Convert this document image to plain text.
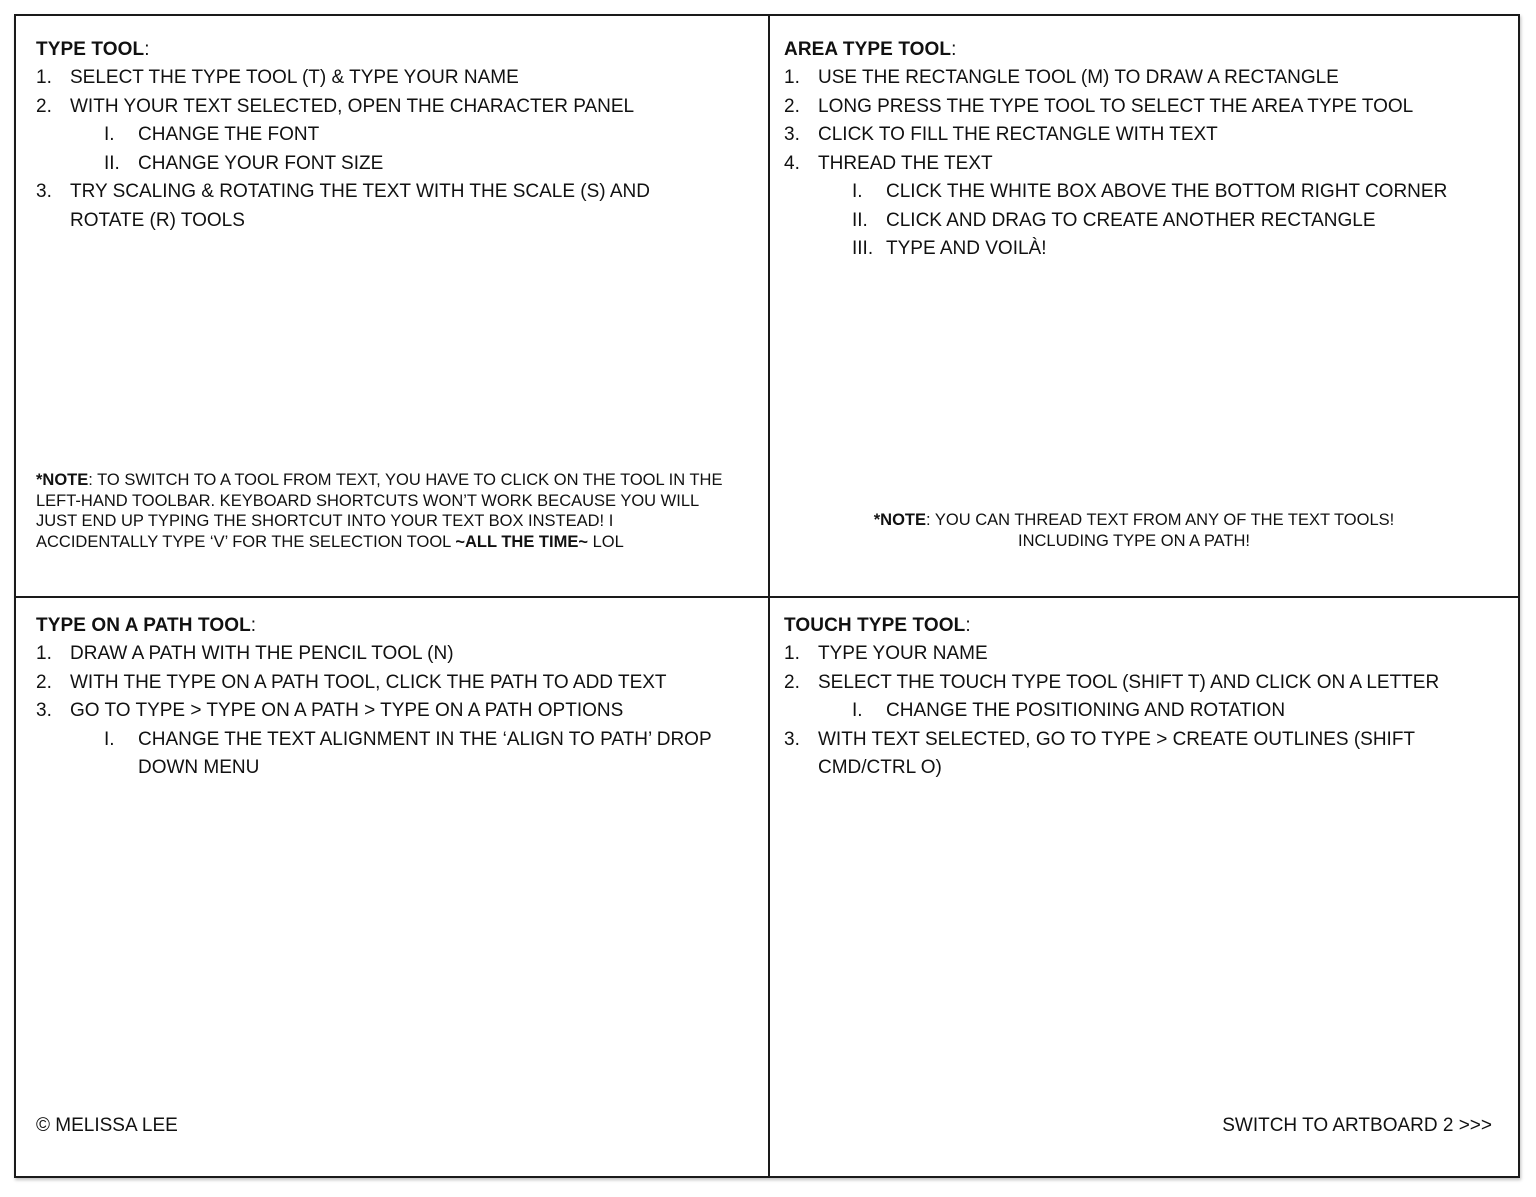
TYPE TOOL:
1. SELECT THE TYPE TOOL (T) & TYPE YOUR NAME
2. WITH YOUR TEXT SELECTED, OPEN THE CHARACTER PANEL
I. CHANGE THE FONT
II. CHANGE YOUR FONT SIZE
3. TRY SCALING & ROTATING THE TEXT WITH THE SCALE (S) AND ROTATE (R) TOOLS
*NOTE: TO SWITCH TO A TOOL FROM TEXT, YOU HAVE TO CLICK ON THE TOOL IN THE LEFT-HAND TOOLBAR. KEYBOARD SHORTCUTS WON’T WORK BECAUSE YOU WILL JUST END UP TYPING THE SHORTCUT INTO YOUR TEXT BOX INSTEAD! I ACCIDENTALLY TYPE ‘V’ FOR THE SELECTION TOOL ~ALL THE TIME~ LOL
AREA TYPE TOOL:
1. USE THE RECTANGLE TOOL (M) TO DRAW A RECTANGLE
2. LONG PRESS THE TYPE TOOL TO SELECT THE AREA TYPE TOOL
3. CLICK TO FILL THE RECTANGLE WITH TEXT
4. THREAD THE TEXT
I. CLICK THE WHITE BOX ABOVE THE BOTTOM RIGHT CORNER
II. CLICK AND DRAG TO CREATE ANOTHER RECTANGLE
III. TYPE AND VOILÀ!
*NOTE: YOU CAN THREAD TEXT FROM ANY OF THE TEXT TOOLS!
INCLUDING TYPE ON A PATH!
TYPE ON A PATH TOOL:
1. DRAW A PATH WITH THE PENCIL TOOL (N)
2. WITH THE TYPE ON A PATH TOOL, CLICK THE PATH TO ADD TEXT
3. GO TO TYPE > TYPE ON A PATH > TYPE ON A PATH OPTIONS
I. CHANGE THE TEXT ALIGNMENT IN THE ‘ALIGN TO PATH’ DROP DOWN MENU
TOUCH TYPE TOOL:
1. TYPE YOUR NAME
2. SELECT THE TOUCH TYPE TOOL (SHIFT T) AND CLICK ON A LETTER
I. CHANGE THE POSITIONING AND ROTATION
3. WITH TEXT SELECTED, GO TO TYPE > CREATE OUTLINES (SHIFT CMD/CTRL O)
© MELISSA LEE	SWITCH TO ARTBOARD 2 >>>
